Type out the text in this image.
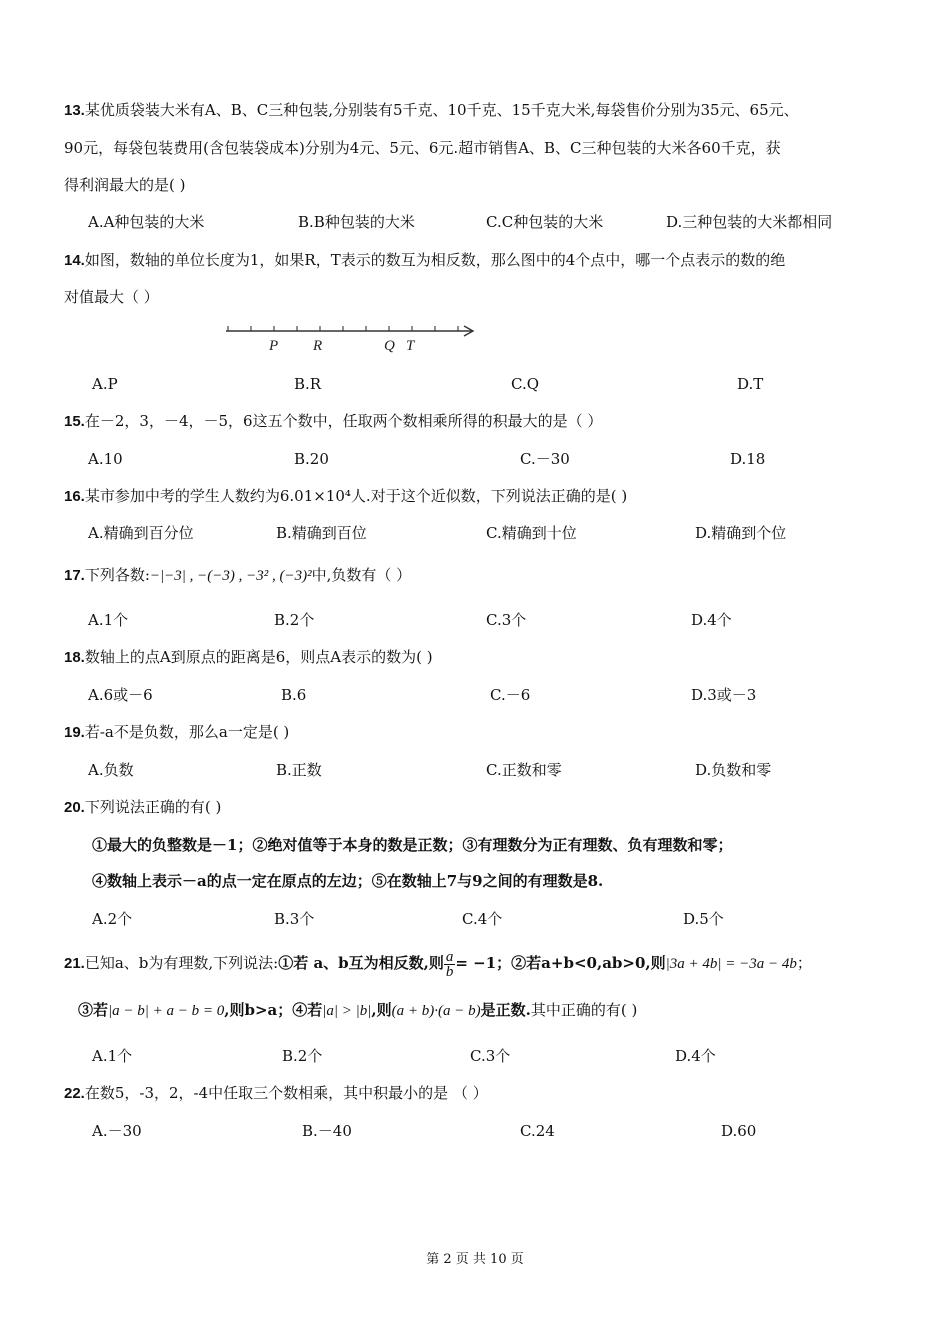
13.某优质袋装大米有A、B、C三种包装,分别装有5千克、10千克、15千克大米,每袋售价分别为35元、65元、
90元，每袋包装费用(含包装袋成本)分别为4元、5元、6元.超市销售A、B、C三种包装的大米各60千克，获
得利润最大的是( )
A.A种包装的大米	B.B种包装的大米	C.C种包装的大米	D.三种包装的大米都相同
14.如图，数轴的单位长度为1，如果R，T表示的数互为相反数，那么图中的4个点中，哪一个点表示的数的绝
对值最大（ ）
P R	Q T
A.P	B.R	C.Q	D.T
15.在－2，3，－4，－5，6这五个数中，任取两个数相乘所得的积最大的是（ ）
A.10	B.20	C.－30	D.18
16.某市参加中考的学生人数约为6.01×10⁴人.对于这个近似数，下列说法正确的是( )
A.精确到百分位	B.精确到百位	C.精确到十位	D.精确到个位
17.下列各数:−|−3| , −(−3) , −3² , (−3)²中,负数有（ ）
A.1个	B.2个	C.3个	D.4个
18.数轴上的点A到原点的距离是6，则点A表示的数为( )
A.6或－6	B.6	C.－6	D.3或－3
19.若-a不是负数，那么a一定是( )
A.负数	B.正数	C.正数和零	D.负数和零
20.下列说法正确的有( )
①最大的负整数是－1；②绝对值等于本身的数是正数；③有理数分为正有理数、负有理数和零；
④数轴上表示－a的点一定在原点的左边；⑤在数轴上7与9之间的有理数是8.
A.2个	B.3个	C.4个	D.5个
21.已知a、b为有理数,下列说法:①若 a、b互为相反数,则 $\frac{a}{b} = -1$；②若a+b<0,ab>0,则|3a + 4b| = −3a − 4b；
③若|a − b| + a − b = 0,则b>a；④若|a| > |b|,则(a + b)·(a − b)是正数.其中正确的有( )
A.1个	B.2个	C.3个	D.4个
22.在数5，-3，2，-4中任取三个数相乘，其中积最小的是 （ ）
A.－30	B.－40	C.24	D.60
第 2 页 共 10 页
